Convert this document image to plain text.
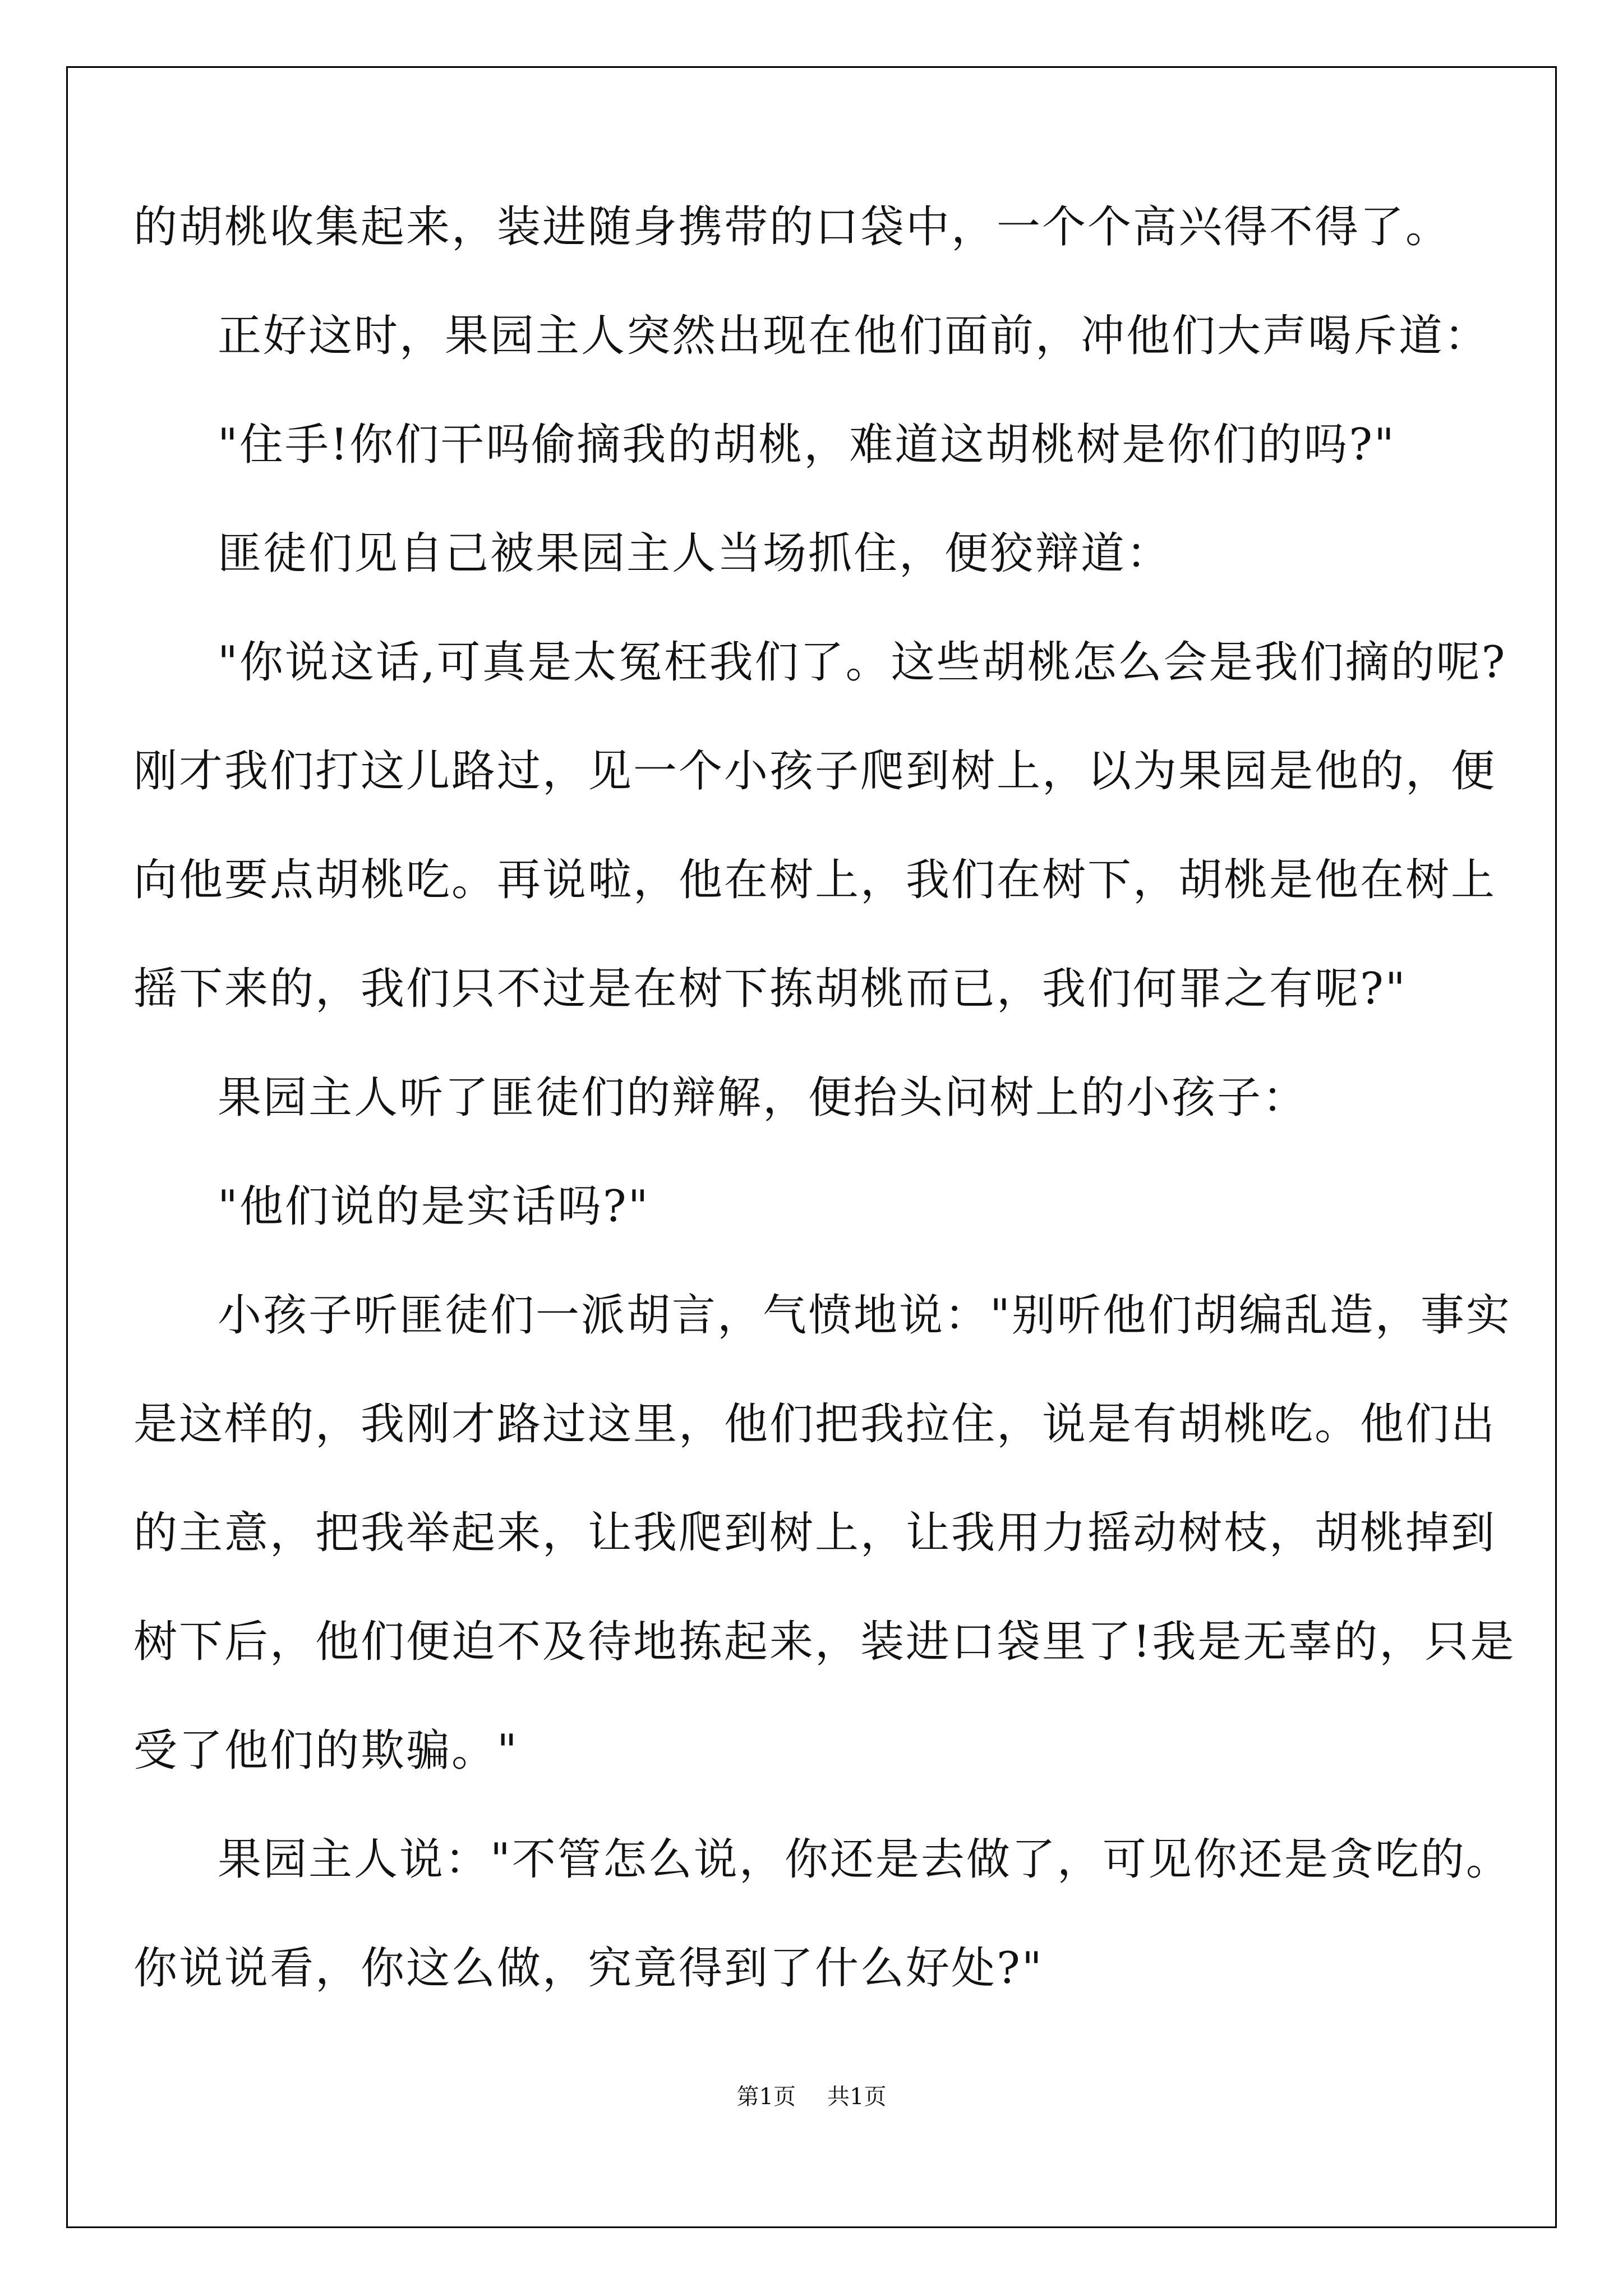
的胡桃收集起来，装进随身携带的口袋中，一个个高兴得不得了。
正好这时，果园主人突然出现在他们面前，冲他们大声喝斥道：
"住手!你们干吗偷摘我的胡桃，难道这胡桃树是你们的吗?"
匪徒们见自己被果园主人当场抓住，便狡辩道：
"你说这话,可真是太冤枉我们了。这些胡桃怎么会是我们摘的呢?
刚才我们打这儿路过，见一个小孩子爬到树上，以为果园是他的，便
向他要点胡桃吃。再说啦，他在树上，我们在树下，胡桃是他在树上
摇下来的，我们只不过是在树下拣胡桃而已，我们何罪之有呢?"
果园主人听了匪徒们的辩解，便抬头问树上的小孩子：
"他们说的是实话吗?"
小孩子听匪徒们一派胡言，气愤地说："别听他们胡编乱造，事实
是这样的，我刚才路过这里，他们把我拉住，说是有胡桃吃。他们出
的主意，把我举起来，让我爬到树上，让我用力摇动树枝，胡桃掉到
树下后，他们便迫不及待地拣起来，装进口袋里了!我是无辜的，只是
受了他们的欺骗。"
果园主人说："不管怎么说，你还是去做了，可见你还是贪吃的。
你说说看，你这么做，究竟得到了什么好处?"
第1页 共1页
